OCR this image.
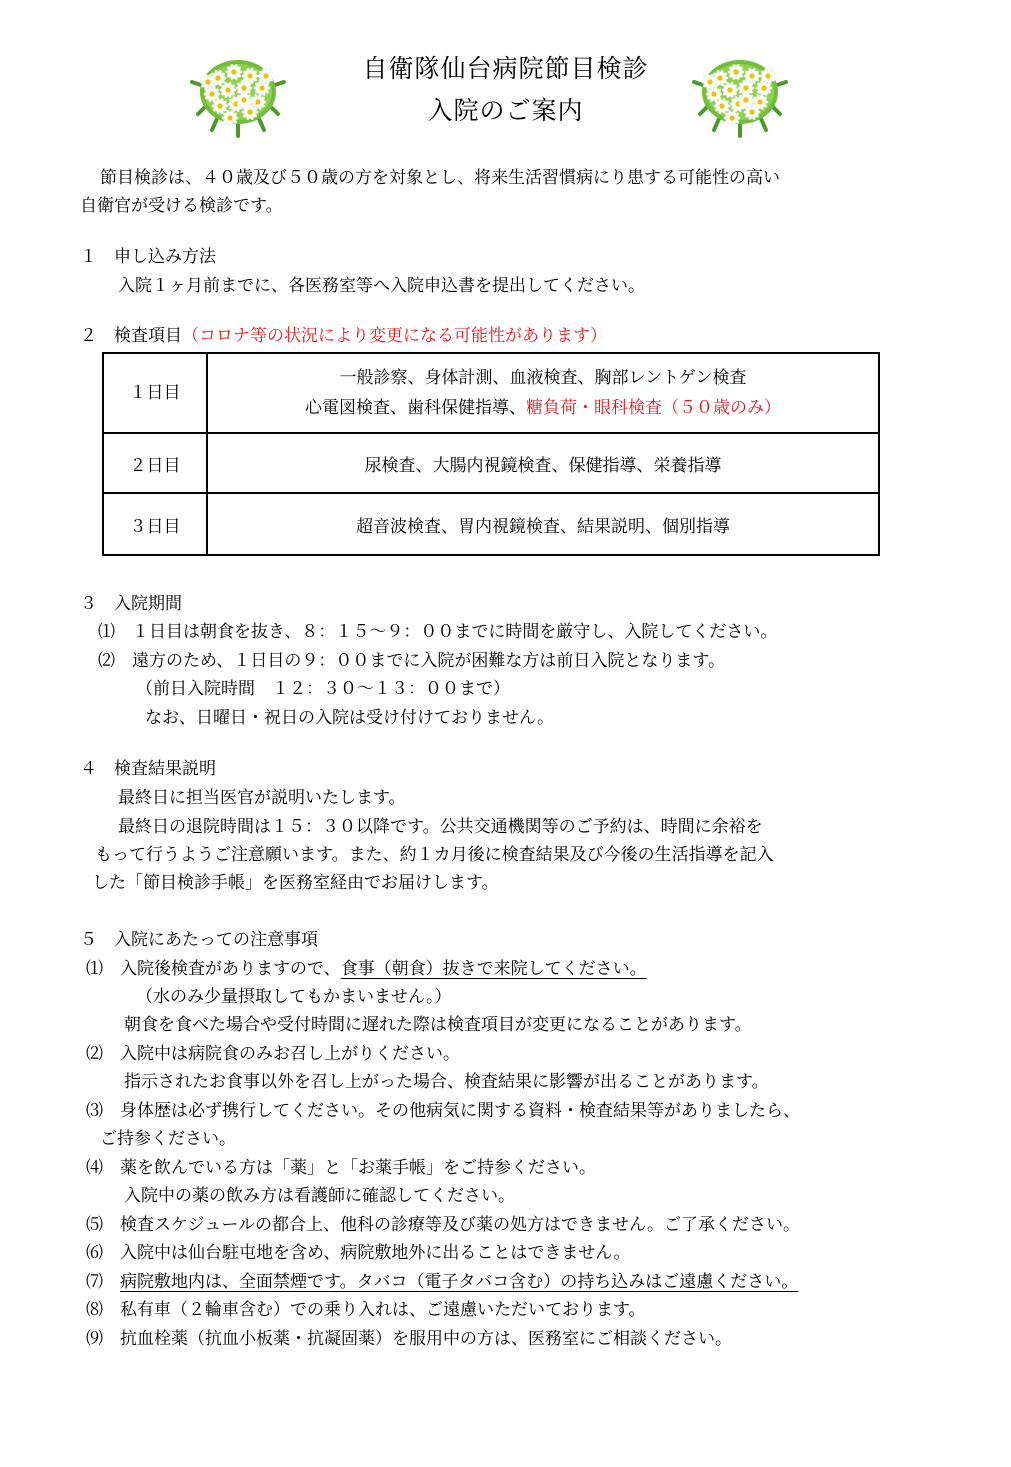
自衛隊仙台病院節目検診
入院のご案内
節目検診は、４０歳及び５０歳の方を対象とし、将来生活習慣病にり患する可能性の高い
自衛官が受ける検診です。
１　申し込み方法
入院１ヶ月前までに、各医務室等へ入院申込書を提出してください。
２　検査項目（コロナ等の状況により変更になる可能性があります）
１日目	一般診察、身体計測、血液検査、胸部レントゲン検査
心電図検査、歯科保健指導、糖負荷・眼科検査（５０歳のみ）

２日目	尿検査、大腸内視鏡検査、保健指導、栄養指導
３日目	超音波検査、胃内視鏡検査、結果説明、個別指導
３　入院期間
⑴　１日目は朝食を抜き、８：１５～９：００までに時間を厳守し、入院してください。
⑵　遠方のため、１日目の９：００までに入院が困難な方は前日入院となります。
（前日入院時間　１２：３０～１３：００まで）
なお、日曜日・祝日の入院は受け付けておりません。
４　検査結果説明
最終日に担当医官が説明いたします。
最終日の退院時間は１５：３０以降です。公共交通機関等のご予約は、時間に余裕を
もって行うようご注意願います。また、約１カ月後に検査結果及び今後の生活指導を記入
した「節目検診手帳」を医務室経由でお届けします。
５　入院にあたっての注意事項
⑴　入院後検査がありますので、食事（朝食）抜きで来院してください。
（水のみ少量摂取してもかまいません。）
朝食を食べた場合や受付時間に遅れた際は検査項目が変更になることがあります。
⑵　入院中は病院食のみお召し上がりください。
指示されたお食事以外を召し上がった場合、検査結果に影響が出ることがあります。
⑶　身体歴は必ず携行してください。その他病気に関する資料・検査結果等がありましたら、
ご持参ください。
⑷　薬を飲んでいる方は「薬」と「お薬手帳」をご持参ください。
入院中の薬の飲み方は看護師に確認してください。
⑸　検査スケジュールの都合上、他科の診療等及び薬の処方はできません。ご了承ください。
⑹　入院中は仙台駐屯地を含め、病院敷地外に出ることはできません。
⑺　病院敷地内は、全面禁煙です。タバコ（電子タバコ含む）の持ち込みはご遠慮ください。
⑻　私有車（２輪車含む）での乗り入れは、ご遠慮いただいております。
⑼　抗血栓薬（抗血小板薬・抗凝固薬）を服用中の方は、医務室にご相談ください。
